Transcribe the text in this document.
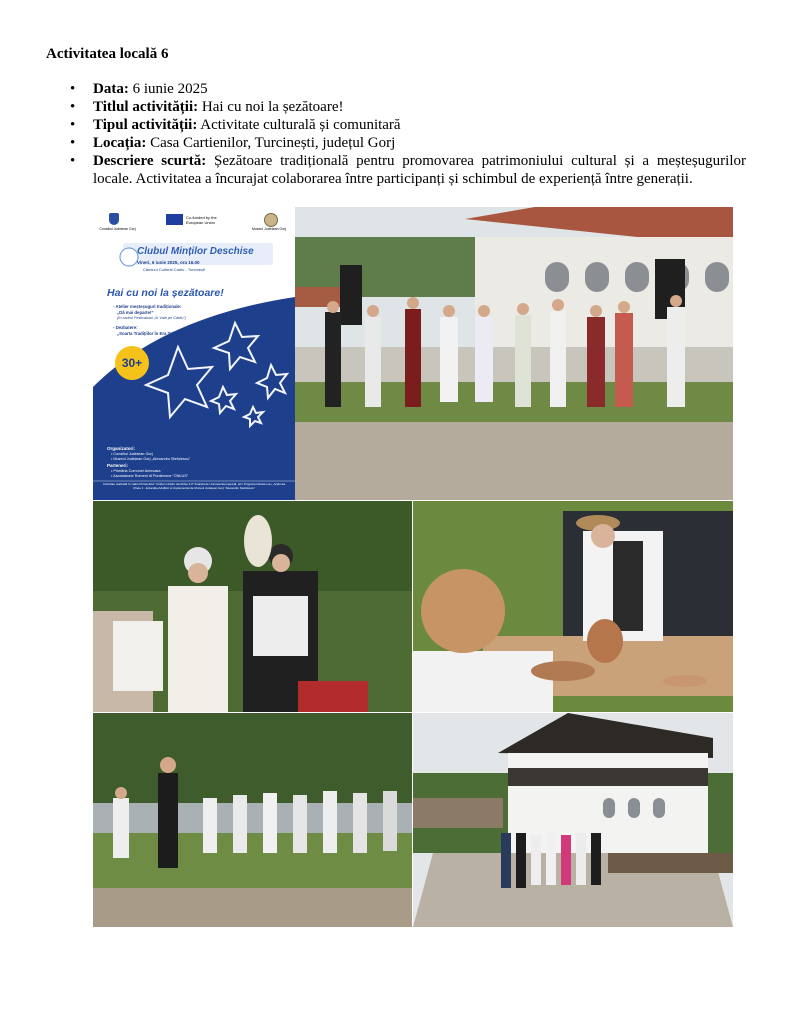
Activitatea locală 6
• Data: 6 iunie 2025
• Titlul activității: Hai cu noi la șezătoare!
• Tipul activității: Activitate culturală și comunitară
• Locația: Casa Cartienilor, Turcinești, județul Gorj
• Descriere scurtă: Șezătoare tradițională pentru promovarea patrimoniului cultural și a meșteșugurilor locale. Activitatea a încurajat colaborarea între participanți și schimbul de experiență între generații.
Consiliul Județean Gorj
Co-funded by the European Union
Muzeul Județean Gorj
Clubul Minților Deschise
Vineri, 6 iunie 2025, ora 16.00
Căminul Cultural Cartiu - Turcinești
Hai cu noi la șezătoare!
- Atelier meșteșuguri tradiționale:
„Dă mai departe!”
(în cadrul Festivalului „În Vale pe Cârtiu”)
- Dezbatere:
„Soarta Tradițiilor în Era Tehnologiei!”
30+
Organizatori:
• Consiliul Județean Gorj
• Muzeul Județean Gorj „Alexandru Ștefulescu”
Parteneri:
• Primăria Comunei Aninoasa
• Asociazione Romeni di Pordenone “ONLUS”
Activitate realizată în cadrul Proiectului “Clubul minților deschise 2.0” finanțat de Uniunea Europeană, prin Programul Erasmus+, Acțiunea Cheie 1 - Educația Adulților și implementat de Muzeul Județean Gorj “Alexandru Ștefulescu”
